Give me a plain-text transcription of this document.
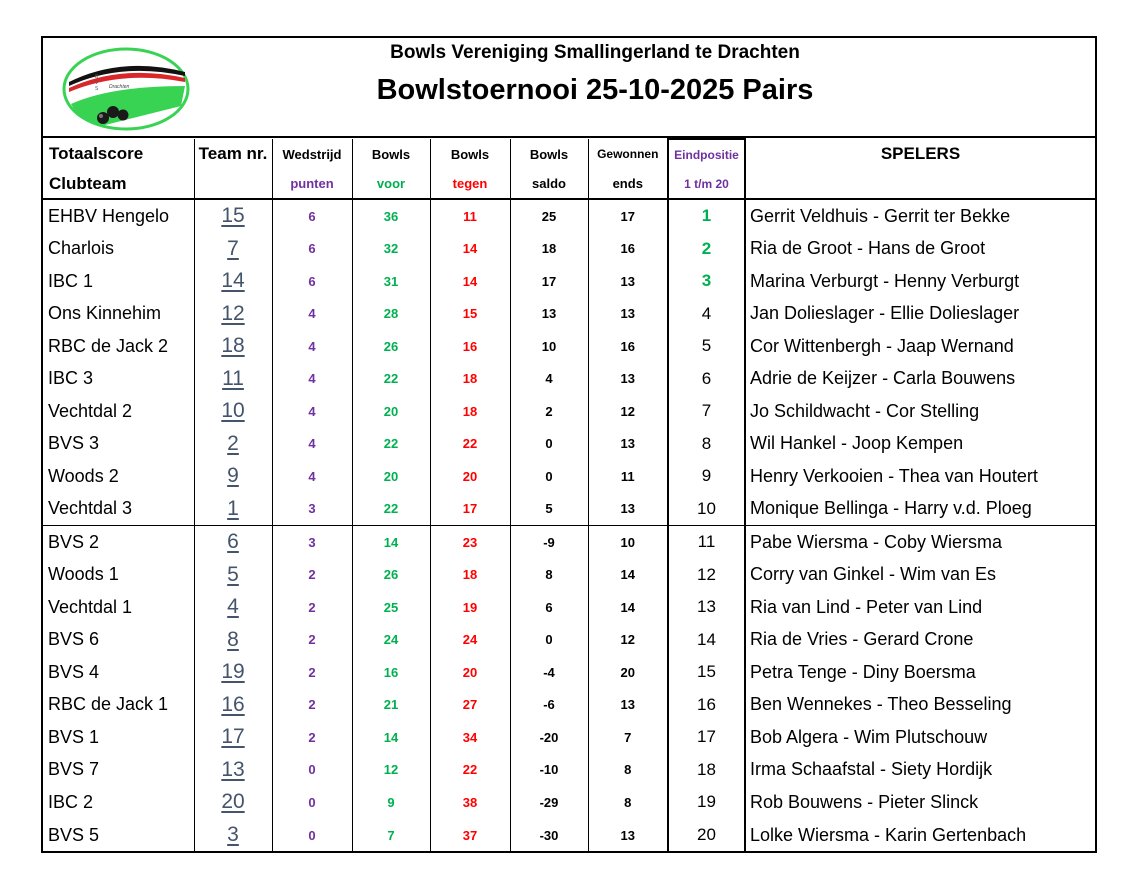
B
V
S Drachten
Bowls Vereniging Smallingerland te Drachten
Bowlstoernooi 25-10-2025 Pairs
Totaalscore	Team nr.	Wedstrijd	Bowls	Bowls	Bowls	Gewonnen	Eindpositie	SPELERS
Clubteam		punten	voor	tegen	saldo	ends	1 t/m 20	
EHBV Hengelo	15	6	36	11	25	17	1	Gerrit Veldhuis - Gerrit ter Bekke
Charlois	7	6	32	14	18	16	2	Ria de Groot - Hans de Groot
IBC 1	14	6	31	14	17	13	3	Marina Verburgt - Henny Verburgt
Ons Kinnehim	12	4	28	15	13	13	4	Jan Dolieslager - Ellie Dolieslager
RBC de Jack 2	18	4	26	16	10	16	5	Cor Wittenbergh - Jaap Wernand
IBC 3	11	4	22	18	4	13	6	Adrie de Keijzer - Carla Bouwens
Vechtdal 2	10	4	20	18	2	12	7	Jo Schildwacht - Cor Stelling
BVS 3	2	4	22	22	0	13	8	Wil Hankel - Joop Kempen
Woods 2	9	4	20	20	0	11	9	Henry Verkooien - Thea van Houtert
Vechtdal 3	1	3	22	17	5	13	10	Monique Bellinga - Harry v.d. Ploeg
BVS 2	6	3	14	23	-9	10	11	Pabe Wiersma - Coby Wiersma
Woods 1	5	2	26	18	8	14	12	Corry van Ginkel - Wim van Es
Vechtdal 1	4	2	25	19	6	14	13	Ria van Lind - Peter van Lind
BVS 6	8	2	24	24	0	12	14	Ria de Vries - Gerard Crone
BVS 4	19	2	16	20	-4	20	15	Petra Tenge - Diny Boersma
RBC de Jack 1	16	2	21	27	-6	13	16	Ben Wennekes - Theo Besseling
BVS 1	17	2	14	34	-20	7	17	Bob Algera - Wim Plutschouw
BVS 7	13	0	12	22	-10	8	18	Irma Schaafstal - Siety Hordijk
IBC 2	20	0	9	38	-29	8	19	Rob Bouwens - Pieter Slinck
BVS 5	3	0	7	37	-30	13	20	Lolke Wiersma - Karin Gertenbach
